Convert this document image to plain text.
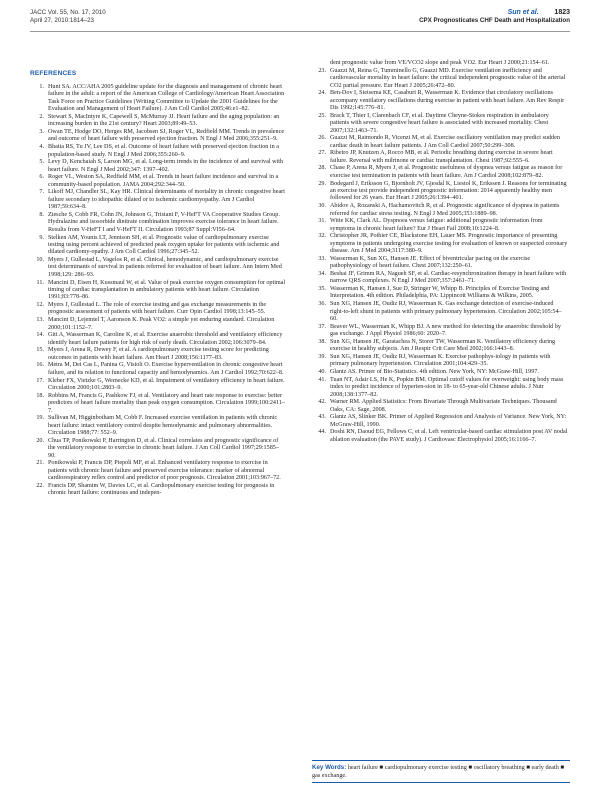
JACC Vol. 55, No. 17, 2010
April 27, 2010:1814–23
Sun et al. 1823
CPX Prognosticates CHF Death and Hospitalization
REFERENCES
1. Hunt SA. ACC/AHA 2005 guideline update for the diagnosis and management of chronic heart failure in the adult: a report of the American College of Cardiology/American Heart Association Task Force on Practice Guidelines (Writing Committee to Update the 2001 Guidelines for the Evaluation and Management of Heart Failure). J Am Coll Cardiol 2005;46:e1–82.
2. Stewart S, MacIntyre K, Capewell S, McMurray JJ. Heart failure and the aging population: an increasing burden in the 21st century? Heart 2003;89:49–53.
3. Owan TE, Hodge DO, Herges RM, Jacobsen SJ, Roger VL, Redfield MM. Trends in prevalence and outcome of heart failure with preserved ejection fraction. N Engl J Med 2006;355:251–9.
4. Bhatia RS, Tu JV, Lee DS, et al. Outcome of heart failure with preserved ejection fraction in a population-based study. N Engl J Med 2006;355:260–9.
5. Levy D, Kenchaiah S, Larson MG, et al. Long-term trends in the incidence of and survival with heart failure. N Engl J Med 2002;347: 1397–402.
6. Roger VL, Weston SA, Redfield MM, et al. Trends in heart failure incidence and survival in a community-based population. JAMA 2004;292:344–50.
7. Likoff MJ, Chandler SL, Kay HR. Clinical determinants of mortality in chronic congestive heart failure secondary to idiopathic dilated or to ischemic cardiomyopathy. Am J Cardiol 1987;59:634–8.
8. Ziesche S, Cobb FR, Cohn JN, Johnson G, Tristani F, V-HeFT VA Cooperative Studies Group. Hydralazine and isosorbide dinitrate combination improves exercise tolerance in heart failure. Results from V-HeFT I and V-HeFT II. Circulation 1993;87 Suppl:VI56–64.
9. Stelken AM, Younis LT, Jennison SH, et al. Prognostic value of cardiopulmonary exercise testing using percent achieved of predicted peak oxygen uptake for patients with ischemic and dilated cardiomy-opathy. J Am Coll Cardiol 1996;27:345–52.
10. Myers J, Gullestad L, Vagelos R, et al. Clinical, hemodynamic, and cardiopulmonary exercise test determinants of survival in patients referred for evaluation of heart failure. Ann Intern Med 1998;129: 286–93.
11. Mancini D, Eisen H, Kussmaul W, et al. Value of peak exercise oxygen consumption for optimal timing of cardiac transplantation in ambulatory patients with heart failure. Circulation 1991;83:778–86.
12. Myers J, Gullestad L. The role of exercise testing and gas exchange measurements in the prognostic assessment of patients with heart failure. Curr Opin Cardiol 1998;13:145–55.
13. Mancini D, Lejemtel T, Aaronson K. Peak VO2: a simple yet enduring standard. Circulation 2000;101:1152–7.
14. Gitt A, Wasserman K, Caroline K, et al. Exercise anaerobic threshold and ventilatory efficiency identify heart failure patients for high risk of early death. Circulation 2002;106:3079–84.
15. Myers J, Arena R, Dewey F, et al. A cardiopulmonary exercise testing score for predicting outcomes in patients with heart failure. Am Heart J 2008;156:1177–83.
16. Metra M, Dei Cas L, Panina G, Visioli O. Exercise hyperventilation in chronic congestive heart failure, and its relation to functional capacity and hemodynamics. Am J Cardiol 1992;70:622–8.
17. Kleber FX, Vietzke G, Wernecke KD, et al. Impairment of ventilatory efficiency in heart failure. Circulation 2000;101:2803–9.
18. Robbins M, Francis G, Pashkow FJ, et al. Ventilatory and heart rate response to exercise: better predictors of heart failure mortality than peak oxygen consumption. Circulation 1999;100:2411–7.
19. Sullivan M, Higginbotham M, Cobb F. Increased exercise ventilation in patients with chronic heart failure: intact ventilatory control despite hemodynamic and pulmonary abnormalities. Circulation 1988;77: 552–9.
20. Chua TP, Ponikowski P, Harrington D, et al. Clinical correlates and prognostic significance of the ventilatory response to exercise in chronic heart failure. J Am Coll Cardiol 1997;29:1585–90.
21. Ponikowski P, Francis DP, Piepoli MF, et al. Enhanced ventilatory response to exercise in patients with chronic heart failure and preserved exercise tolerance: marker of abnormal cardiorespiratory reflex control and predictor of poor prognosis. Circulation 2001;103:967–72.
22. Francis DP, Shamim W, Davies LC, et al. Cardiopulmonary exercise testing for prognosis in chronic heart failure: continuous and indepen-
dent prognostic value from VE/VCO2 slope and peak VO2. Eur Heart J 2000;21:154–61.
23. Guazzi M, Reina G, Tumminello G, Guazzi MD. Exercise ventilation inefficiency and cardiovascular mortality in heart failure: the critical independent prognostic value of the arterial CO2 partial pressure. Eur Heart J 2005;26:472–80.
24. Ben-Dov I, Sietsema KE, Casaburi R, Wasserman K. Evidence that circulatory oscillations accompany ventilatory oscillations during exercise in patient with heart failure. Am Rev Respir Dis 1992;145:776–81.
25. Brack T, Thier I, Clarenbach CF, et al. Daytime Cheyne-Stokes respiration in ambulatory patients with severe congestive heart failure is associated with increased mortality. Chest 2007;132:1463–71.
26. Guazzi M, Raimondo R, Vicenzi M, et al. Exercise oscillatory ventilation may predict sudden cardiac death in heart failure patients. J Am Coll Cardiol 2007;50:299–308.
27. Ribeiro JP, Knutzen A, Rocco MB, et al. Periodic breathing during exercise in severe heart failure. Reversal with milrinone or cardiac transplantation. Chest 1987;92:555–6.
28. Chase P, Arena R, Myers J, et al. Prognostic usefulness of dyspnea versus fatigue as reason for exercise test termination in patients with heart failure. Am J Cardiol 2008;102:879–82.
29. Bodegard J, Eriksson G, Bjornholt JV, Gjesdal K, Liestol K, Erikssen J. Reasons for terminating an exercise test provide independent prognostic information: 2014 apparently healthy men followed for 26 years. Eur Heart J 2005;26:1394–401.
30. Abidov A, Rozanski A, Hachamovitch R, et al. Prognostic significance of dyspnea in patients referred for cardiac stress testing. N Engl J Med 2005;353:1889–98.
31. Witte KK, Clark AL. Dyspnoea versus fatigue: additional prognostic information from symptoms in chronic heart failure? Eur J Heart Fail 2008;10:1224–8.
32. Christopher JR, Pothier CE, Blackstone EH, Lauer MS. Prognostic importance of presenting symptoms in patients undergoing exercise testing for evaluation of known or suspected coronary disease. Am J Med 2004;3117:380–9.
33. Wasserman K, Sun XG, Hansen JE. Effect of biventricular pacing on the exercise pathophysiology of heart failure. Chest 2007;132:250–61.
34. Beshai JF, Grimm RA, Nagueh SF, et al. Cardiac-resynchronization therapy in heart failure with narrow QRS complexes. N Engl J Med 2007;357:2461–71.
35. Wasserman K, Hansen J, Sue D, Stringer W, Whipp B. Principles of Exercise Testing and Interpretation. 4th edition. Philadelphia, PA: Lippincott Williams & Wilkins, 2005.
36. Sun XG, Hansen JE, Oudiz RJ, Wasserman K. Gas exchange detection of exercise-induced right-to-left shunt in patients with primary pulmonary hypertension. Circulation 2002;105:54–60.
37. Beaver WL, Wasserman K, Whipp BJ. A new method for detecting the anaerobic threshold by gas exchange. J Appl Physiol 1986;60: 2020–7.
38. Sun XG, Hansen JE, Garatachea N, Storer TW, Wasserman K. Ventilatory efficiency during exercise in healthy subjects. Am J Respir Crit Care Med 2002;166:1443–8.
39. Sun XG, Hansen JE, Oudiz RJ, Wasserman K. Exercise pathophys-iology in patients with primary pulmonary hypertension. Circulation 2001;104:429–35.
40. Glantz AS. Primer of Bio-Statistics. 4th edition. New York, NY: McGraw-Hill, 1997.
41. Tuan NT, Adair LS, He K, Popkin BM. Optimal cutoff values for overweight: using body mass index to predict incidence of hyperten-sion in 18- to 65-year-old Chinese adults. J Nutr 2008;138:1377–82.
42. Warner RM. Applied Statistics: From Bivariate Through Multivariate Techniques. Thousand Oaks, CA: Sage, 2008.
43. Glantz AS, Slinker BK. Primer of Applied Regression and Analysis of Variance. New York, NY: McGraw-Hill, 1990.
44. Doshi RN, Daoud EG, Fellows C, et al. Left ventricular-based cardiac stimulation post AV nodal ablation evaluation (the PAVE study). J Cardiovasc Electrophysiol 2005;16:1166–7.
Key Words: heart failure ■ cardiopulmonary exercise testing ■ oscillatory breathing ■ early death ■ gas exchange.
